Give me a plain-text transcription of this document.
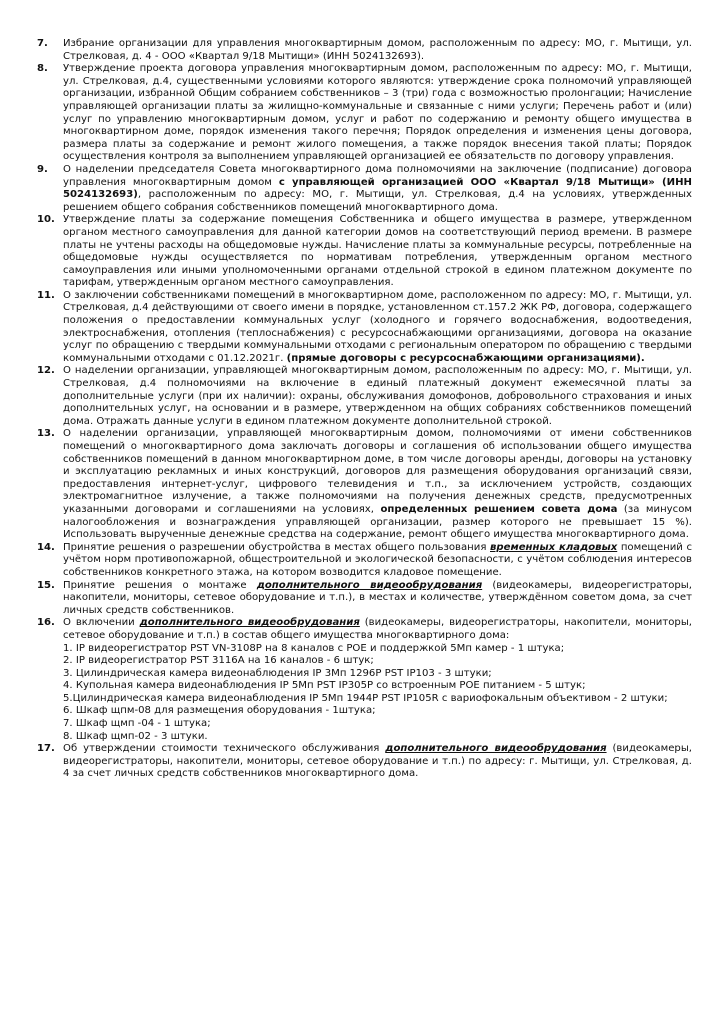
7.	Избрание организации для управления многоквартирным домом, расположенным по адресу: МО, г. Мытищи, ул. Стрелковая, д. 4 - ООО «Квартал 9/18 Мытищи» (ИНН 5024132693).
8.	Утверждение проекта договора управления многоквартирным домом, расположенным по адресу: МО, г. Мытищи, ул. Стрелковая, д.4, существенными условиями которого являются: утверждение срока полномочий управляющей организации, избранной Общим собранием собственников – 3 (три) года с возможностью пролонгации; Начисление управляющей организации платы за жилищно-коммунальные и связанные с ними услуги; Перечень работ и (или) услуг по управлению многоквартирным домом, услуг и работ по содержанию и ремонту общего имущества в многоквартирном доме, порядок изменения такого перечня; Порядок определения и изменения цены договора, размера платы за содержание и ремонт жилого помещения, а также порядок внесения такой платы; Порядок осуществления контроля за выполнением управляющей организацией ее обязательств по договору управления.
9.	О наделении председателя Совета многоквартирного дома полномочиями на заключение (подписание) договора управления многоквартирным домом с управляющей организацией ООО «Квартал 9/18 Мытищи» (ИНН 5024132693), расположенным по адресу: МО, г. Мытищи, ул. Стрелковая, д.4 на условиях, утвержденных решением общего собрания собственников помещений многоквартирного дома.
10. Утверждение платы за содержание помещения Собственника и общего имущества в размере, утвержденном органом местного самоуправления для данной категории домов на соответствующий период времени. В размере платы не учтены расходы на общедомовые нужды. Начисление платы за коммунальные ресурсы, потребленные на общедомовые нужды осуществляется по нормативам потребления, утвержденным органом местного самоуправления или иными уполномоченными органами отдельной строкой в едином платежном документе по тарифам, утвержденным органом местного самоуправления.
11. О заключении собственниками помещений в многоквартирном доме, расположенном по адресу: МО, г. Мытищи, ул. Стрелковая, д.4 действующими от своего имени в порядке, установленном ст.157.2 ЖК РФ, договора, содержащего положения о предоставлении коммунальных услуг (холодного и горячего водоснабжения, водоотведения, электроснабжения, отопления (теплоснабжения) с ресурсоснабжающими организациями, договора на оказание услуг по обращению с твердыми коммунальными отходами с региональным оператором по обращению с твердыми коммунальными отходами с 01.12.2021г. (прямые договоры с ресурсоснабжающими организациями).
12. О наделении организации, управляющей многоквартирным домом, расположенным по адресу: МО, г. Мытищи, ул. Стрелковая, д.4 полномочиями на включение в единый платежный документ ежемесячной платы за дополнительные услуги (при их наличии): охраны, обслуживания домофонов, добровольного страхования и иных дополнительных услуг, на основании и в размере, утвержденном на общих собраниях собственников помещений дома. Отражать данные услуги в едином платежном документе дополнительной строкой.
13. О наделении организации, управляющей многоквартирным домом, полномочиями от имени собственников помещений о многоквартирного дома заключать договоры и соглашения об использовании общего имущества собственников помещений в данном многоквартирном доме, в том числе договоры аренды, договоры на установку и эксплуатацию рекламных и иных конструкций, договоров для размещения оборудования организаций связи, предоставления интернет-услуг, цифрового телевидения и т.п., за исключением устройств, создающих электромагнитное излучение, а также полномочиями на получения денежных средств, предусмотренных указанными договорами и соглашениями на условиях, определенных решением совета дома (за минусом налогообложения и вознаграждения управляющей организации, размер которого не превышает 15 %). Использовать вырученные денежные средства на содержание, ремонт общего имущества многоквартирного дома.
14. Принятие решения о разрешении обустройства в местах общего пользования временных кладовых помещений с учётом норм противопожарной, общестроительной и экологической безопасности, с учётом соблюдения интересов собственников конкретного этажа, на котором возводится кладовое помещение.
15. Принятие решения о монтаже дополнительного видеообрудования (видеокамеры, видеорегистраторы, накопители, мониторы, сетевое оборудование и т.п.), в местах и количестве, утверждённом советом дома, за счет личных средств собственников.
16. О включении дополнительного видеообрудования (видеокамеры, видеорегистраторы, накопители, мониторы, сетевое оборудование и т.п.) в состав общего имущества многоквартирного дома:
1. IP видеорегистратор PST VN-3108P на 8 каналов с POE и поддержкой 5Мп камер - 1 штука;
2. IP видеорегистратор PST 3116A на 16 каналов - 6 штук;
3. Цилиндрическая камера видеонаблюдения IP 3Мп 1296P PST IP103 - 3 штуки;
4. Купольная камера видеонаблюдения IP 5Мп PST IP305P со встроенным POE питанием - 5 штук;
5.Цилиндрическая камера видеонаблюдения IP 5Мп 1944P PST IP105R с вариофокальным объективом - 2 штуки;
6. Шкаф щпм-08 для размещения оборудования - 1штука;
7. Шкаф щмп -04 - 1 штука;
8. Шкаф щмп-02 - 3 штуки.
17. Об утверждении стоимости технического обслуживания дополнительного видеообрудования (видеокамеры, видеорегистраторы, накопители, мониторы, сетевое оборудование и т.п.) по адресу: г. Мытищи, ул. Стрелковая, д. 4 за счет личных средств собственников многоквартирного дома.
